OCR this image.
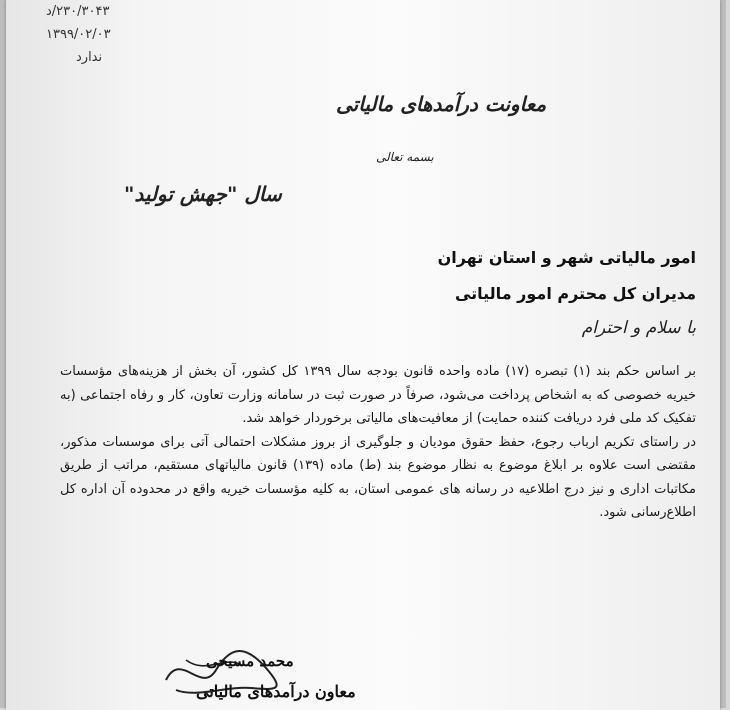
۲۳۰/۳۰۴۳/د
۱۳۹۹/۰۲/۰۳
ندارد
معاونت درآمدهای مالیاتی
بسمه تعالی
سال "جهش تولید"
امور مالیاتی شهر و استان تهران
مدیران کل محترم امور مالیاتی
با سلام و احترام

بر اساس حکم بند (۱) تبصره (۱۷) ماده واحده قانون بودجه سال ۱۳۹۹ کل کشور، آن بخش از هزینه‌های مؤسسات خیریه خصوصی که به اشخاص پرداخت می‌شود، صرفاً در صورت ثبت در سامانه وزارت تعاون، کار و رفاه اجتماعی (به تفکیک کد ملی فرد دریافت کننده حمایت) از معافیت‌های مالیاتی برخوردار خواهد شد.

در راستای تکریم ارباب رجوع، حفظ حقوق مودیان و جلوگیری از بروز مشکلات احتمالی آتی برای موسسات مذکور، مقتضی است علاوه بر ابلاغ موضوع به نظار موضوع بند (ط) ماده (۱۳۹) قانون مالیاتهای مستقیم، مراتب از طریق مکاتبات اداری و نیز درج اطلاعیه در رسانه های عمومی استان، به کلیه مؤسسات خیریه واقع در محدوده آن اداره کل اطلاع‌رسانی شود.

محمد مسیحی
معاون درآمدهای مالیاتی
